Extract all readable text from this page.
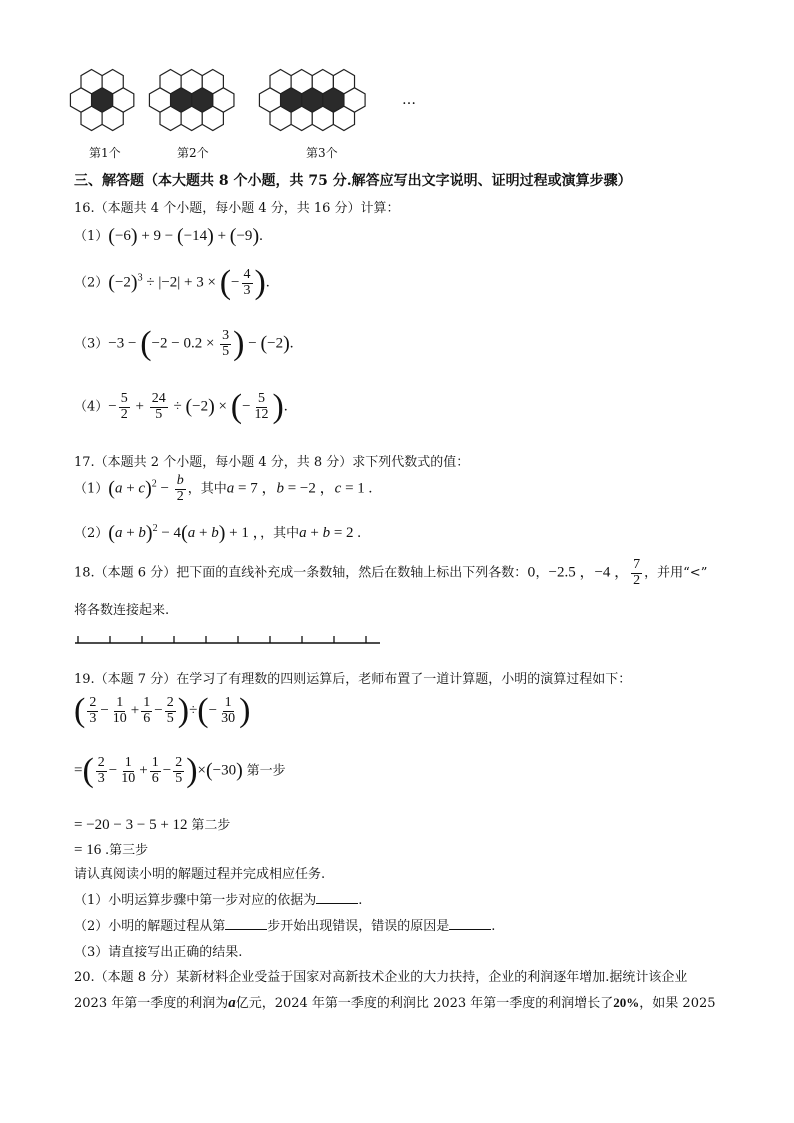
…
第1个	第2个	第3个
三、解答题（本大题共 8 个小题，共 75 分.解答应写出文字说明、证明过程或演算步骤）
16.（本题共 4 个小题，每小题 4 分，共 16 分）计算：
（1）(−6) + 9 − (−14) + (−9).
$(2)(-2)^3 \div |-2| + 3$ × (− $\frac{4}{3}$ ).
$(3)-3 - (-2 - 0.2 \times \frac{3}{5}$ ) − (−2).
$(4)- \frac{5}{2} + \frac{24}{5} \div (-2)$ × (− $\frac{5}{12}$ ).
17.（本题共 2 个小题，每小题 4 分，共 8 分）求下列代数式的值：
$(1)(a + c)^2 - \frac{b}{2}$ ，其中a = 7 ，b = −2 ，c = 1 .
$(2)(a + b)^2 - 4(a + b) + 1$ ，，其中a + b = 2 .
18.（本题 6 分）把下面的直线补充成一条数轴，然后在数轴上标出下列各数：0，−2.5 ，−4 ， $\frac{7}{2}$ ，并用“<”
将各数连接起来.
19.（本题 7 分）在学习了有理数的四则运算后，老师布置了一道计算题，小明的演算过程如下：
( $\frac{2}{3} - \frac{1}{10} + \frac{1}{6} - \frac{2}{5}$ )÷(− $\frac{1}{30}$ )
=( $\frac{2}{3} - \frac{1}{10} + \frac{1}{6} - \frac{2}{5} )\times(-30)$ 第一步
= −20 − 3 − 5 + 12 第二步
= 16 .第三步
请认真阅读小明的解题过程并完成相应任务.
（1）小明运算步骤中第一步对应的依据为	.
（2）小明的解题过程从第	步开始出现错误，错误的原因是	.
（3）请直接写出正确的结果.
20.（本题 8 分）某新材料企业受益于国家对高新技术企业的大力扶持，企业的利润逐年增加.据统计该企业
2023 年第一季度的利润为a亿元，2024 年第一季度的利润比 2023 年第一季度的利润增长了20%，如果 2025
